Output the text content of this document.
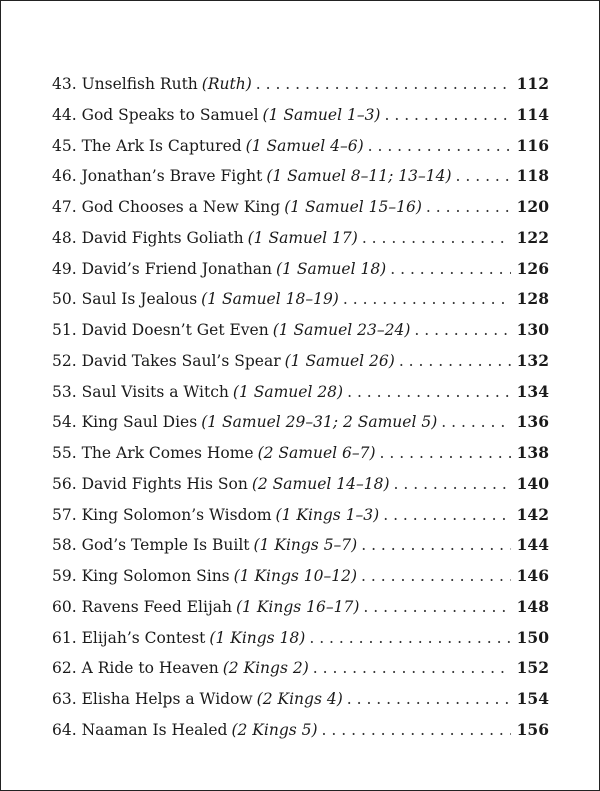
43. Unselfish Ruth (Ruth) . . .	112
44. God Speaks to Samuel (1 Samuel 1–3) . . .	114
45. The Ark Is Captured (1 Samuel 4–6) . . .	116
46. Jonathan’s Brave Fight (1 Samuel 8–11; 13–14) . . .	118
47. God Chooses a New King (1 Samuel 15–16) . . .	120
48. David Fights Goliath (1 Samuel 17) . . .	122
49. David’s Friend Jonathan (1 Samuel 18) . . .	126
50. Saul Is Jealous (1 Samuel 18–19) . . .	128
51. David Doesn’t Get Even (1 Samuel 23–24) . . .	130
52. David Takes Saul’s Spear (1 Samuel 26) . . .	132
53. Saul Visits a Witch (1 Samuel 28) . . .	134
54. King Saul Dies (1 Samuel 29–31; 2 Samuel 5) . . .	136
55. The Ark Comes Home (2 Samuel 6–7) . . .	138
56. David Fights His Son (2 Samuel 14–18) . . .	140
57. King Solomon’s Wisdom (1 Kings 1–3) . . .	142
58. God’s Temple Is Built (1 Kings 5–7) . . .	144
59. King Solomon Sins (1 Kings 10–12) . . .	146
60. Ravens Feed Elijah (1 Kings 16–17) . . .	148
61. Elijah’s Contest (1 Kings 18) . . .	150
62. A Ride to Heaven (2 Kings 2) . . .	152
63. Elisha Helps a Widow (2 Kings 4) . . .	154
64. Naaman Is Healed (2 Kings 5) . . .	156
